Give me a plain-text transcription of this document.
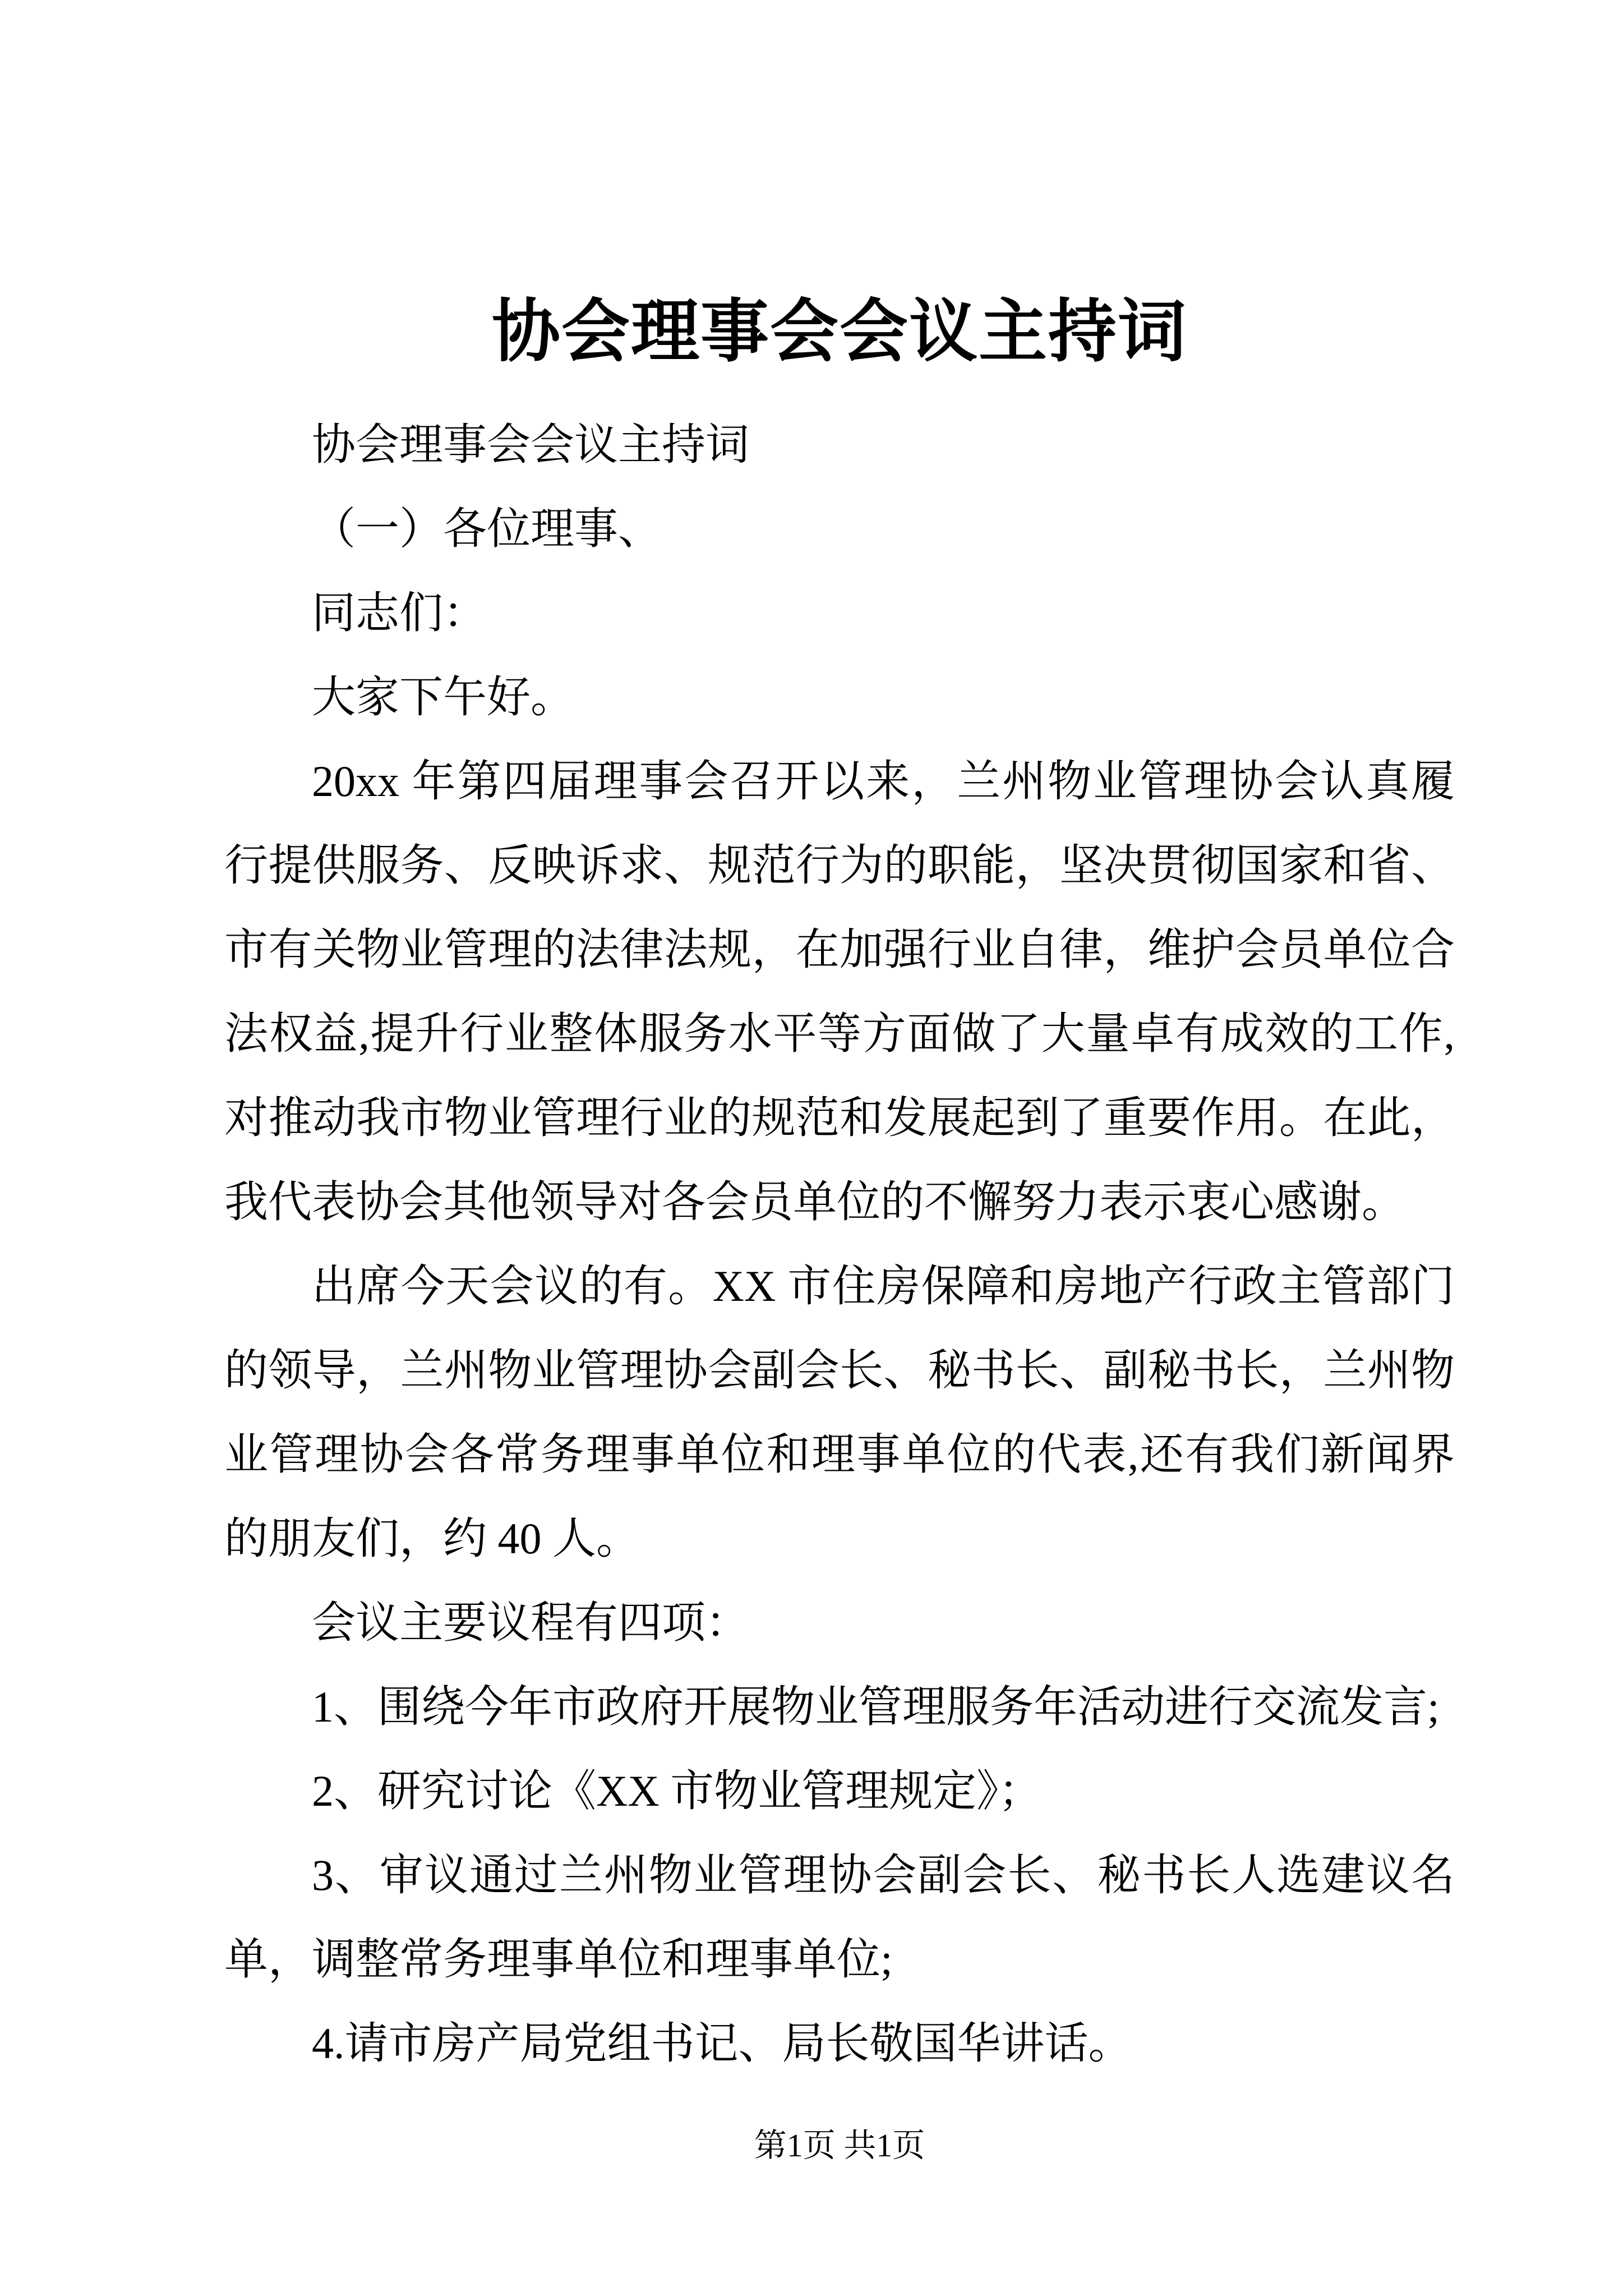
协会理事会会议主持词

协会理事会会议主持词

（一）各位理事、

同志们：

大家下午好。

20xx 年第四届理事会召开以来，兰州物业管理协会认真履行提供服务、反映诉求、规范行为的职能，坚决贯彻国家和省、市有关物业管理的法律法规，在加强行业自律，维护会员单位合法权益,提升行业整体服务水平等方面做了大量卓有成效的工作,对推动我市物业管理行业的规范和发展起到了重要作用。在此，我代表协会其他领导对各会员单位的不懈努力表示衷心感谢。

出席今天会议的有。XX 市住房保障和房地产行政主管部门的领导，兰州物业管理协会副会长、秘书长、副秘书长，兰州物业管理协会各常务理事单位和理事单位的代表,还有我们新闻界的朋友们，约 40 人。

会议主要议程有四项：

1、围绕今年市政府开展物业管理服务年活动进行交流发言;

2、研究讨论《XX 市物业管理规定》；

3、审议通过兰州物业管理协会副会长、秘书长人选建议名单，调整常务理事单位和理事单位;

4.请市房产局党组书记、局长敬国华讲话。

第1页 共1页
